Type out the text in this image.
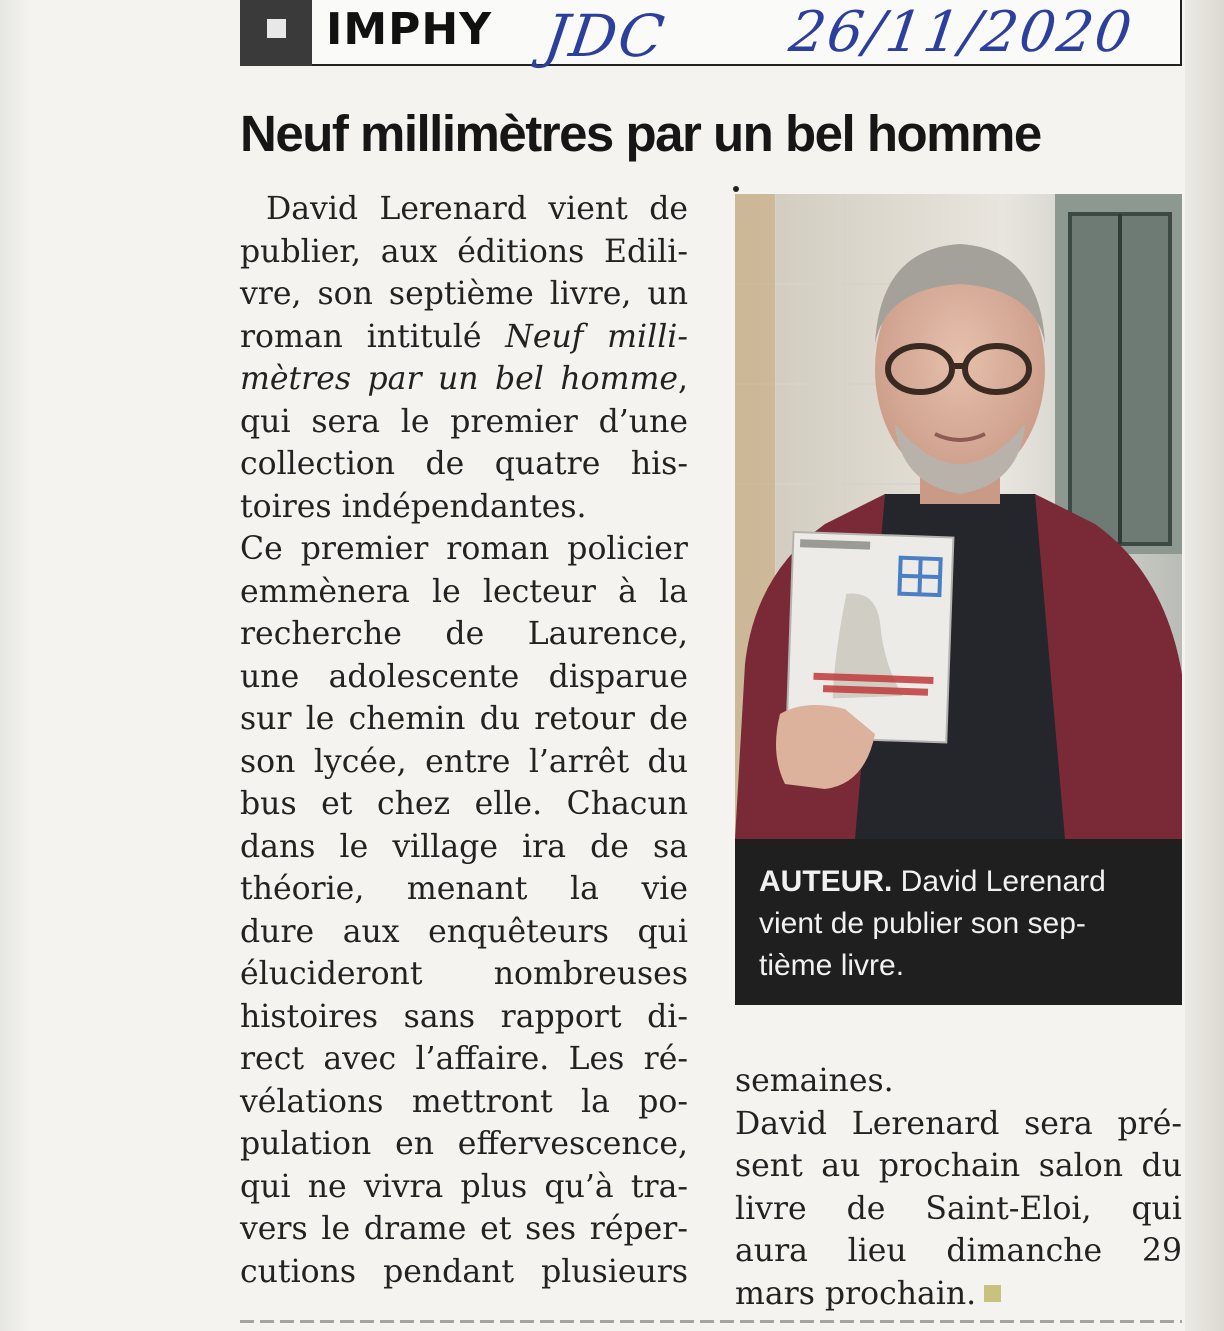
IMPHY JDC 26/11/2020
Neuf millimètres par un bel homme
David Lerenard vient de
publier, aux éditions Edili-
vre, son septième livre, un
roman intitulé Neuf milli-
mètres par un bel homme,
qui sera le premier d’une
collection de quatre his-
toires indépendantes.
Ce premier roman policier
emmènera le lecteur à la
recherche de Laurence,
une adolescente disparue
sur le chemin du retour de
son lycée, entre l’arrêt du
bus et chez elle. Chacun
dans le village ira de sa
théorie, menant la vie
dure aux enquêteurs qui
élucideront nombreuses
histoires sans rapport di-
rect avec l’affaire. Les ré-
vélations mettront la po-
pulation en effervescence,
qui ne vivra plus qu’à tra-
vers le drame et ses réper-
cutions pendant plusieurs
AUTEUR. David Lerenard
vient de publier son sep-
tième livre.
semaines.
David Lerenard sera pré-
sent au prochain salon du
livre de Saint-Eloi, qui
aura lieu dimanche 29
mars prochain.
